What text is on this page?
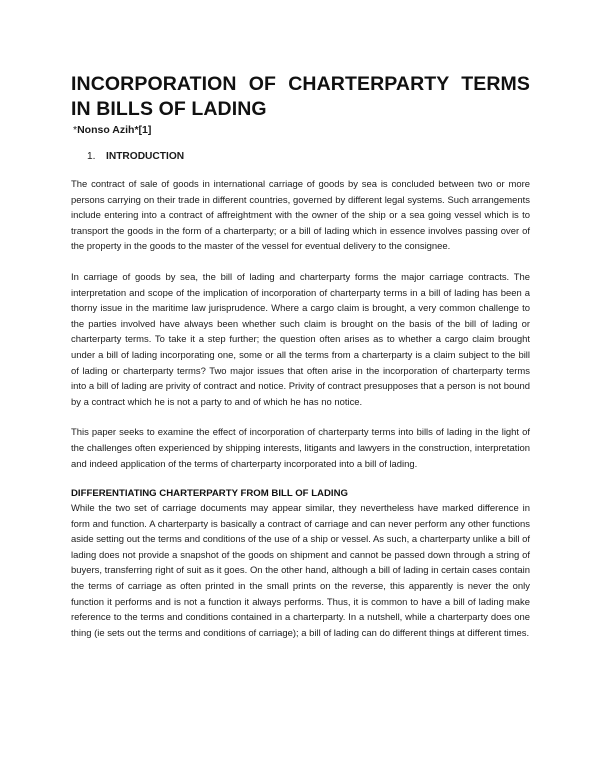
INCORPORATION OF CHARTERPARTY TERMS IN BILLS OF LADING
*Nonso Azih*[1]
1. INTRODUCTION

The contract of sale of goods in international carriage of goods by sea is concluded between two or more persons carrying on their trade in different countries, governed by different legal systems. Such arrangements include entering into a contract of affreightment with the owner of the ship or a sea going vessel which is to transport the goods in the form of a charterparty; or a bill of lading which in essence involves passing over of the property in the goods to the master of the vessel for eventual delivery to the consignee.

In carriage of goods by sea, the bill of lading and charterparty forms the major carriage contracts. The interpretation and scope of the implication of incorporation of charterparty terms in a bill of lading has been a thorny issue in the maritime law jurisprudence. Where a cargo claim is brought, a very common challenge to the parties involved have always been whether such claim is brought on the basis of the bill of lading or charterparty terms. To take it a step further; the question often arises as to whether a cargo claim brought under a bill of lading incorporating one, some or all the terms from a charterparty is a claim subject to the bill of lading or charterparty terms? Two major issues that often arise in the incorporation of charterparty terms into a bill of lading are privity of contract and notice. Privity of contract presupposes that a person is not bound by a contract which he is not a party to and of which he has no notice.

This paper seeks to examine the effect of incorporation of charterparty terms into bills of lading in the light of the challenges often experienced by shipping interests, litigants and lawyers in the construction, interpretation and indeed application of the terms of charterparty incorporated into a bill of lading.

DIFFERENTIATING CHARTERPARTY FROM BILL OF LADING

While the two set of carriage documents may appear similar, they nevertheless have marked difference in form and function. A charterparty is basically a contract of carriage and can never perform any other functions aside setting out the terms and conditions of the use of a ship or vessel. As such, a charterparty unlike a bill of lading does not provide a snapshot of the goods on shipment and cannot be passed down through a string of buyers, transferring right of suit as it goes. On the other hand, although a bill of lading in certain cases contain the terms of carriage as often printed in the small prints on the reverse, this apparently is never the only function it performs and is not a function it always performs. Thus, it is common to have a bill of lading make reference to the terms and conditions contained in a charterparty. In a nutshell, while a charterparty does one thing (ie sets out the terms and conditions of carriage); a bill of lading can do different things at different times.
